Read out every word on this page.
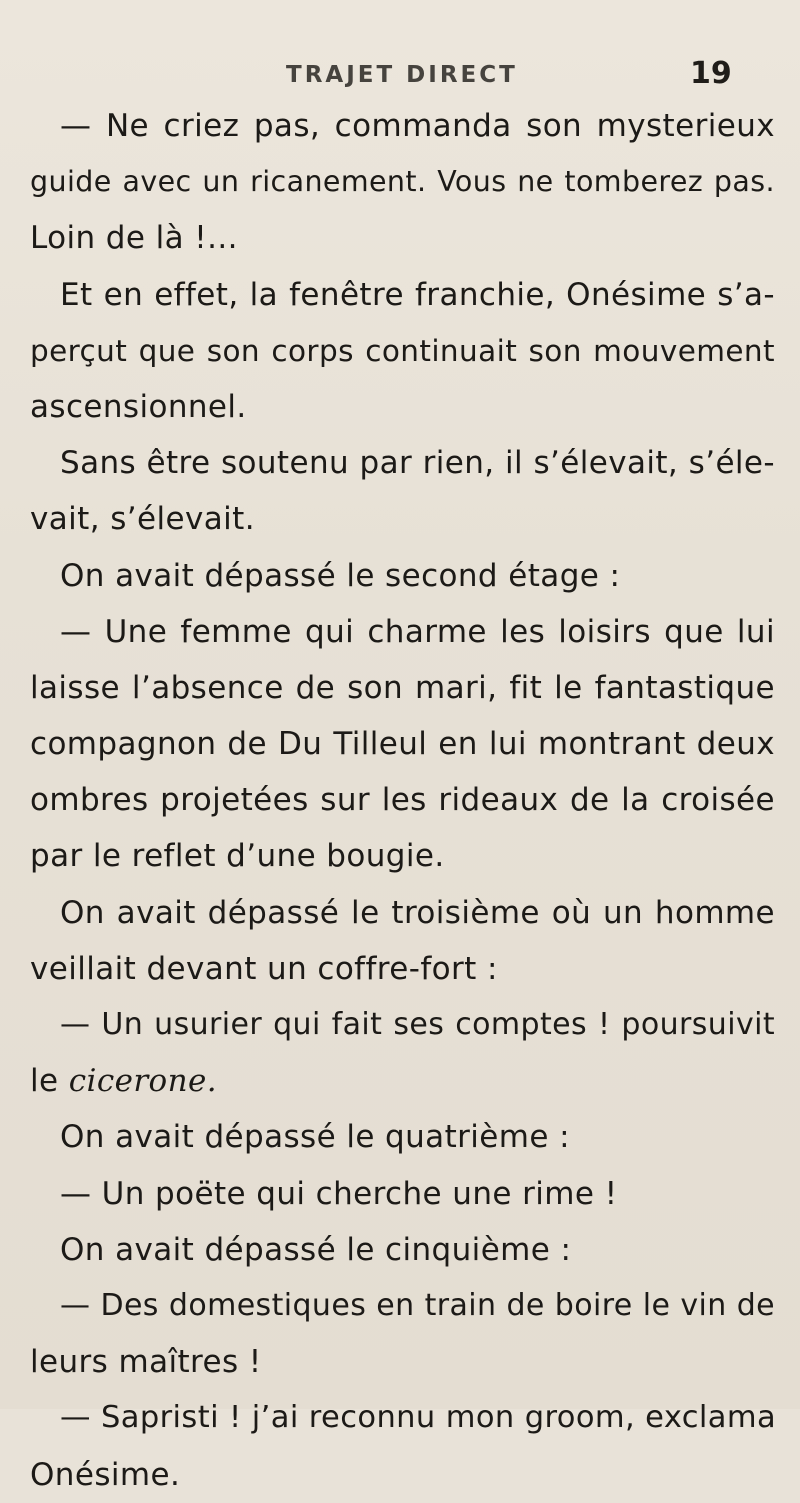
TRAJET DIRECT	19
— Ne criez pas, commanda son mysterieux
guide avec un ricanement. Vous ne tomberez pas.
Loin de là !...
Et en effet, la fenêtre franchie, Onésime s’a-
perçut que son corps continuait son mouvement
ascensionnel.
Sans être soutenu par rien, il s’élevait, s’éle-
vait, s’élevait.
On avait dépassé le second étage :
— Une femme qui charme les loisirs que lui
laisse l’absence de son mari, fit le fantastique
compagnon de Du Tilleul en lui montrant deux
ombres projetées sur les rideaux de la croisée
par le reflet d’une bougie.
On avait dépassé le troisième où un homme
veillait devant un coffre-fort :
— Un usurier qui fait ses comptes ! poursuivit
le cicerone.
On avait dépassé le quatrième :
— Un poëte qui cherche une rime !
On avait dépassé le cinquième :
— Des domestiques en train de boire le vin de
leurs maîtres !
— Sapristi ! j’ai reconnu mon groom, exclama
Onésime.
